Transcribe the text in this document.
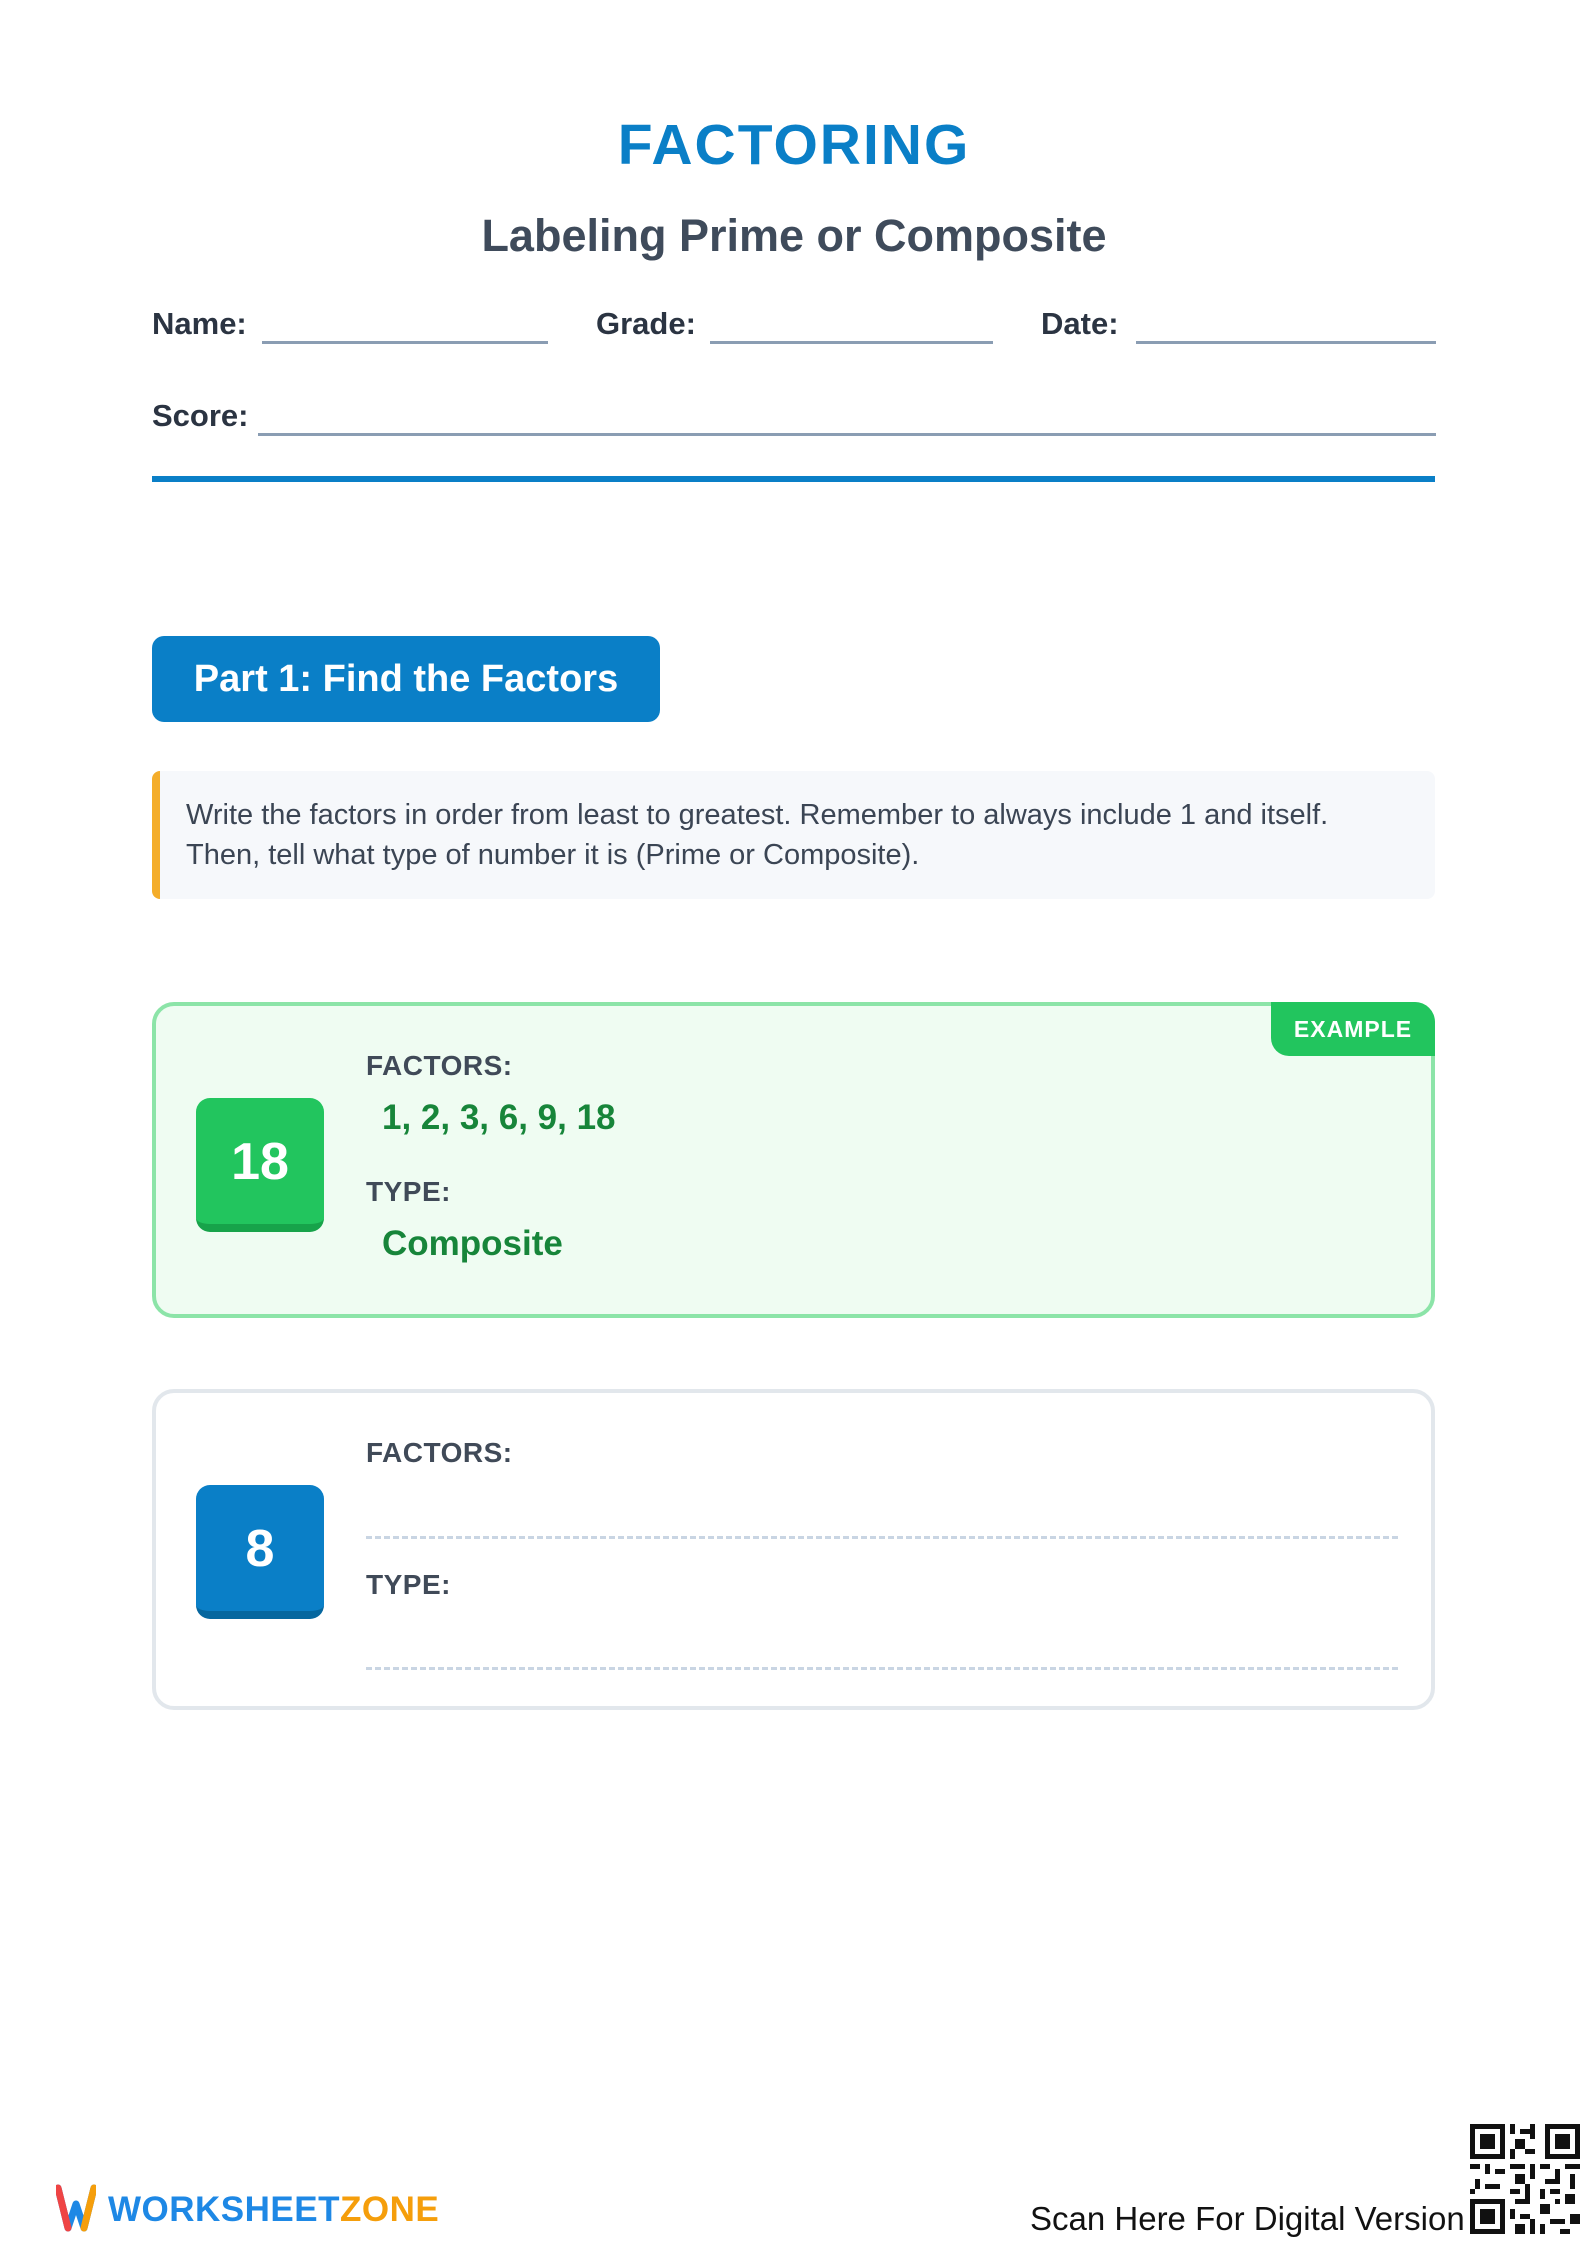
FACTORING
Labeling Prime or Composite
Name:	Grade:	Date:
Score:
Part 1: Find the Factors
Write the factors in order from least to greatest. Remember to always include 1 and itself.
Then, tell what type of number it is (Prime or Composite).
EXAMPLE
18
FACTORS:
1, 2, 3, 6, 9, 18
TYPE:
Composite
8
FACTORS:
TYPE:
WORKSHEETZONE	Scan Here For Digital Version
